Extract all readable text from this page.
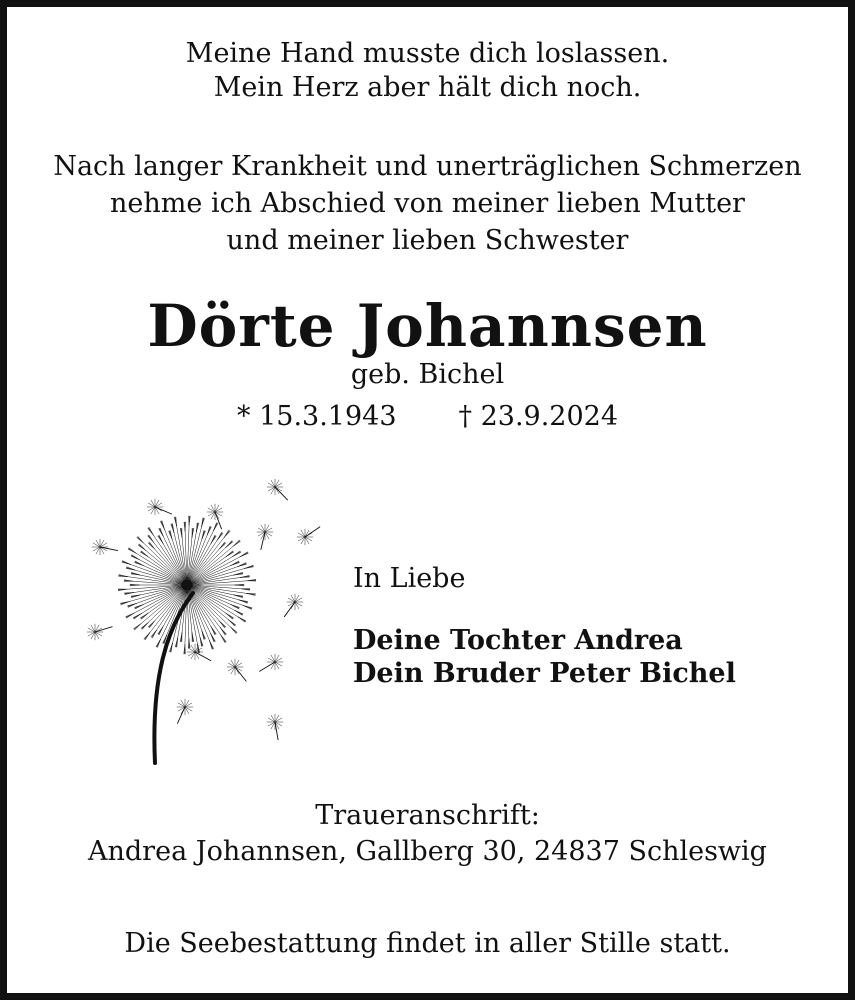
Meine Hand musste dich loslassen.
Mein Herz aber hält dich noch.
Nach langer Krankheit und unerträglichen Schmerzen
nehme ich Abschied von meiner lieben Mutter
und meiner lieben Schwester
Dörte Johannsen
geb. Bichel
* 15.3.1943 † 23.9.2024
In Liebe
Deine Tochter Andrea
Dein Bruder Peter Bichel
Traueranschrift:
Andrea Johannsen, Gallberg 30, 24837 Schleswig
Die Seebestattung findet in aller Stille statt.
